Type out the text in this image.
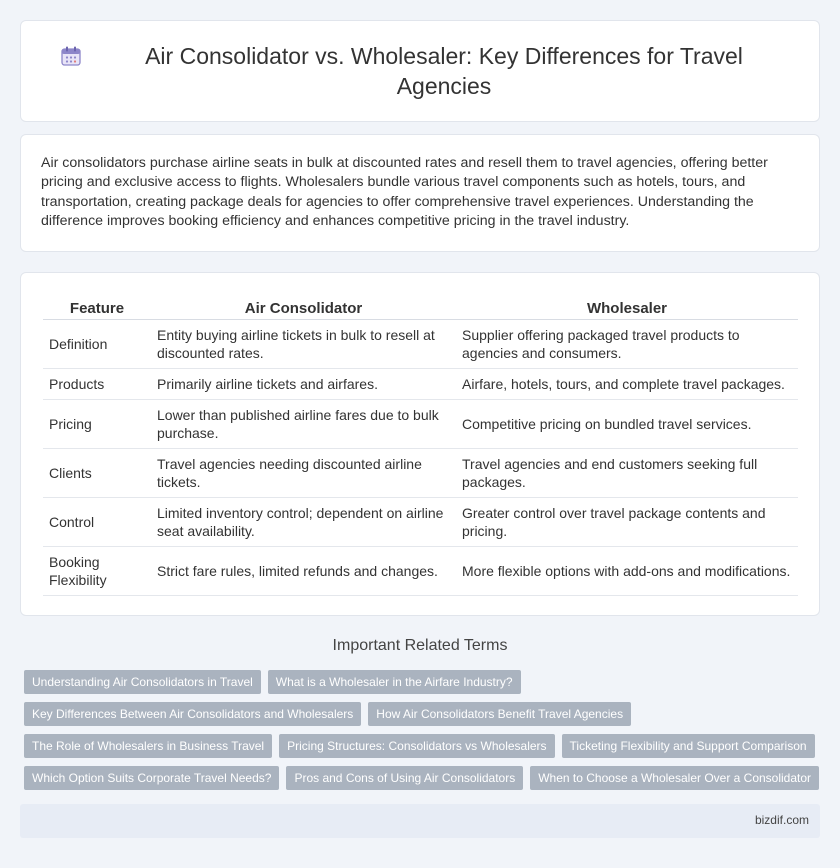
Air Consolidator vs. Wholesaler: Key Differences for Travel Agencies

Air consolidators purchase airline seats in bulk at discounted rates and resell them to travel agencies, offering better pricing and exclusive access to flights. Wholesalers bundle various travel components such as hotels, tours, and transportation, creating package deals for agencies to offer comprehensive travel experiences. Understanding the difference improves booking efficiency and enhances competitive pricing in the travel industry.

Feature	Air Consolidator	Wholesaler
Definition	Entity buying airline tickets in bulk to resell at discounted rates.	Supplier offering packaged travel products to agencies and consumers.
Products	Primarily airline tickets and airfares.	Airfare, hotels, tours, and complete travel packages.
Pricing	Lower than published airline fares due to bulk purchase.	Competitive pricing on bundled travel services.
Clients	Travel agencies needing discounted airline tickets.	Travel agencies and end customers seeking full packages.
Control	Limited inventory control; dependent on airline seat availability.	Greater control over travel package contents and pricing.
Booking Flexibility	Strict fare rules, limited refunds and changes.	More flexible options with add-ons and modifications.
Important Related Terms
Understanding Air Consolidators in Travel	What is a Wholesaler in the Airfare Industry?
Key Differences Between Air Consolidators and Wholesalers	How Air Consolidators Benefit Travel Agencies
The Role of Wholesalers in Business Travel	Pricing Structures: Consolidators vs Wholesalers	Ticketing Flexibility and Support Comparison
Which Option Suits Corporate Travel Needs?	Pros and Cons of Using Air Consolidators	When to Choose a Wholesaler Over a Consolidator
bizdif.com
